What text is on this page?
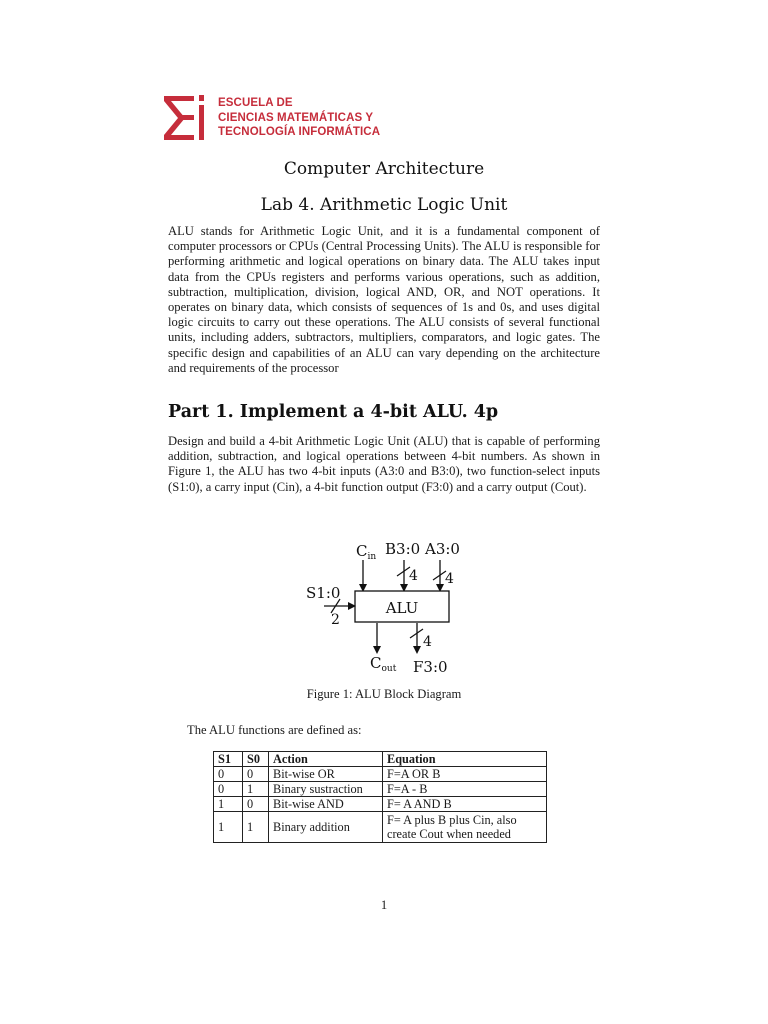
ESCUELA DE
CIENCIAS MATEMÁTICAS Y
TECNOLOGÍA INFORMÁTICA
Computer Architecture
Lab 4. Arithmetic Logic Unit
ALU stands for Arithmetic Logic Unit, and it is a fundamental component of computer processors or CPUs (Central Processing Units). The ALU is responsible for performing arithmetic and logical operations on binary data. The ALU takes input data from the CPUs registers and performs various operations, such as addition, subtraction, multiplication, division, logical AND, OR, and NOT operations. It operates on binary data, which consists of sequences of 1s and 0s, and uses digital logic circuits to carry out these operations. The ALU consists of several functional units, including adders, subtractors, multipliers, comparators, and logic gates. The specific design and capabilities of an ALU can vary depending on the architecture and requirements of the processor
Part 1. Implement a 4-bit ALU. 4p
Design and build a 4-bit Arithmetic Logic Unit (ALU) that is capable of performing addition, subtraction, and logical operations between 4-bit numbers. As shown in Figure 1, the ALU has two 4-bit inputs (A3:0 and B3:0), two function-select inputs (S1:0), a carry input (Cin), a 4-bit function output (F3:0) and a carry output (Cout).
$C_{in}$ B3:0 A3:0
4 4
ALU
S1:0
2
4
$C_{out}$ F3:0
Figure 1: ALU Block Diagram
The ALU functions are defined as:
S1	S0	Action	Equation
0	0	Bit-wise OR	F=A OR B
0	1	Binary sustraction	F=A - B
1	0	Bit-wise AND	F= A AND B
1	1	Binary addition	F= A plus B plus Cin, also create Cout when needed
1
